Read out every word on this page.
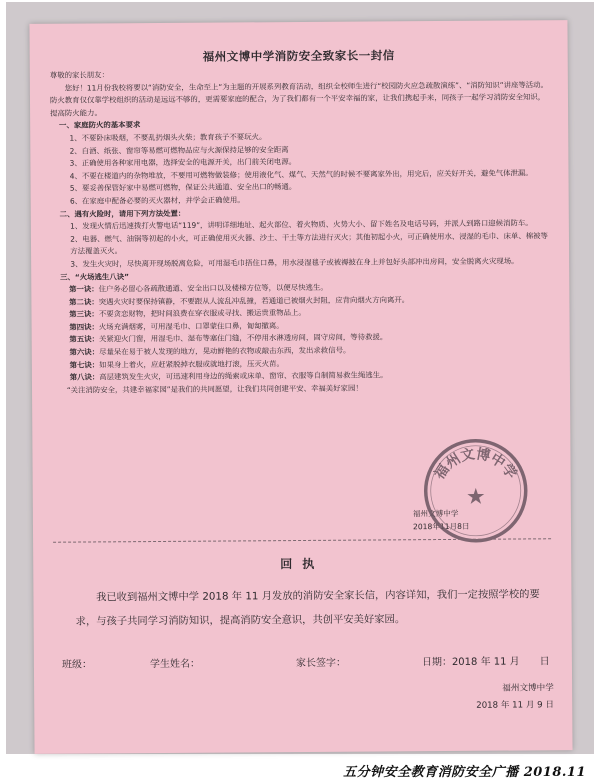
福州文博中学消防安全致家长一封信

尊敬的家长朋友：

您好！11月份我校将要以“消防安全，生命至上”为主题的开展系列教育活动，组织全校师生进行“校园防火应急疏散演练”、“消防知识”讲座等活动。防火教育仅仅靠学校组织的活动是远远不够的，更需要家庭的配合，为了我们都有一个平安幸福的家，让我们携起手来，同孩子一起学习消防安全知识，提高防火能力。

一、家庭防火的基本要求

1、不要卧床吸烟，不要乱扔烟头火柴；教育孩子不要玩火。

2、白酒、纸张、窗帘等易燃可燃物品应与火源保持足够的安全距离

3、正确使用各种家用电器，选择安全的电源开关，出门前关闭电源。

4、不要在楼道内的杂物堆放，不要用可燃物做装修；使用液化气、煤气、天然气的时候不要离家外出，用完后，应关好开关，避免气体泄漏。

5、要妥善保管好家中易燃可燃物，保证公共通道、安全出口的畅通。

6、在家庭中配备必要的灭火器材，并学会正确使用。

二、遇有火险时，请用下列方法处置：

1、发现火情后迅速拨打火警电话“119”，讲明详细地址、起火部位、着火物质、火势大小、留下姓名及电话号码，并派人到路口迎候消防车。

2、电器、燃气、油锅等初起的小火，可正确使用灭火器、沙土、干土等方法进行灭火；其他初起小火，可正确使用水、浸湿的毛巾、床单、棉被等方法覆盖灭火。

3、发生火灾时，尽快离开现场脱离危险，可用湿毛巾捂住口鼻，用水浸湿毯子或被褥披在身上并包好头部冲出房间，安全脱离火灾现场。

三、“火场逃生八诀”

第一诀：住户务必留心各疏散通道、安全出口以及楼梯方位等，以便尽快逃生。

第二诀：突遇火灾时要保持镇静，不要跟从人流乱冲乱撞，若通道已被烟火封阻，应背向烟火方向离开。

第三诀：不要贪恋财物，把时间浪费在穿衣服或寻找、搬运贵重物品上。

第四诀：火场充满烟雾，可用湿毛巾、口罩蒙住口鼻，匍匐撤离。

第五诀：关紧迎火门窗，用湿毛巾、湿布等塞住门缝，不停用水淋透房间，固守房间，等待救援。

第六诀：尽量呆在易于被人发现的地方，晃动鲜艳的衣物或敲击东西，发出求救信号。

第七诀：如果身上着火，应赶紧脱掉衣服或就地打滚，压灭火苗。

第八诀：高层建筑发生火灾，可迅速利用身边的绳索或床单、窗帘、衣服等自制简易救生绳逃生。

“关注消防安全，共建幸福家园”是我们的共同愿望，让我们共同创建平安、幸福美好家园！

福州文博中学
2018年11月8日
福州文博中学
★
回执

我已收到福州文博中学 2018 年 11 月发放的消防安全家长信，内容详知，我们一定按照学校的要求，与孩子共同学习消防知识，提高消防安全意识，共创平安美好家园。

班级：	学生姓名：	家长签字：	日期：2018 年 11 月　　日
福州文博中学
2018 年 11 月 9 日
五分钟安全教育消防安全广播 2018.11
